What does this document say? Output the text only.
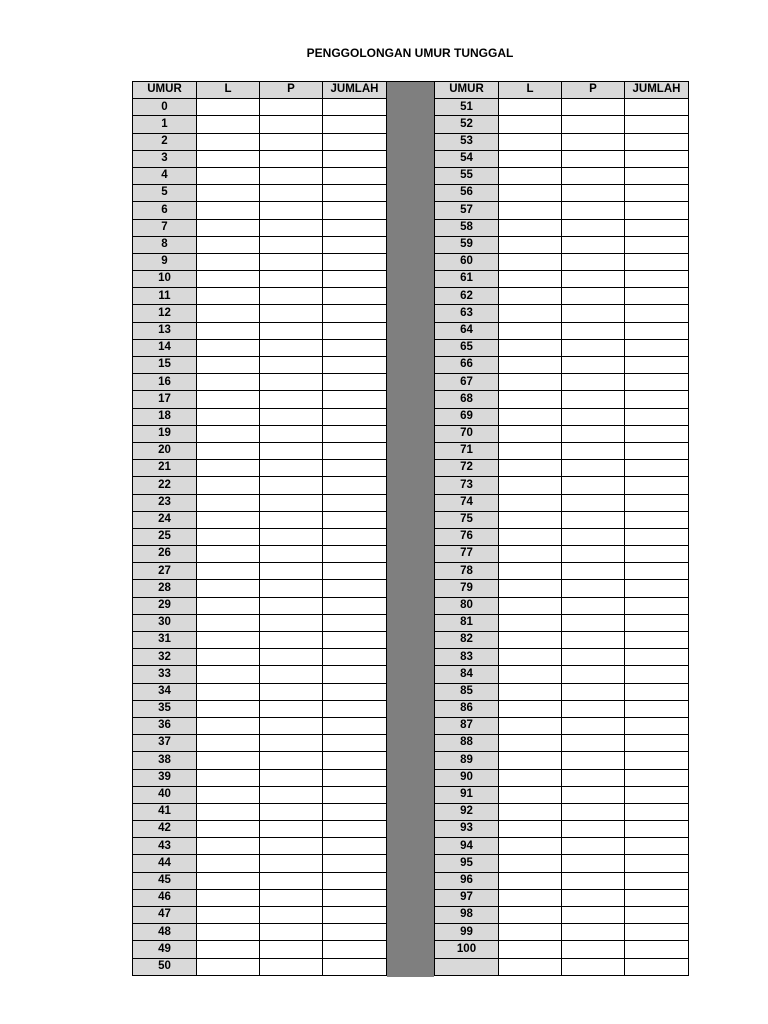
PENGGOLONGAN UMUR TUNGGAL
UMUR	L	P	JUMLAH
0
1
2
3
4
5
6
7
8
9
10
11
12
13
14
15
16
17
18
19
20
21
22
23
24
25
26
27
28
29
30
31
32
33
34
35
36
37
38
39
40
41
42
43
44
45
46
47
48
49
50
UMUR	L	P	JUMLAH
51
52
53
54
55
56
57
58
59
60
61
62
63
64
65
66
67
68
69
70
71
72
73
74
75
76
77
78
79
80
81
82
83
84
85
86
87
88
89
90
91
92
93
94
95
96
97
98
99
100
